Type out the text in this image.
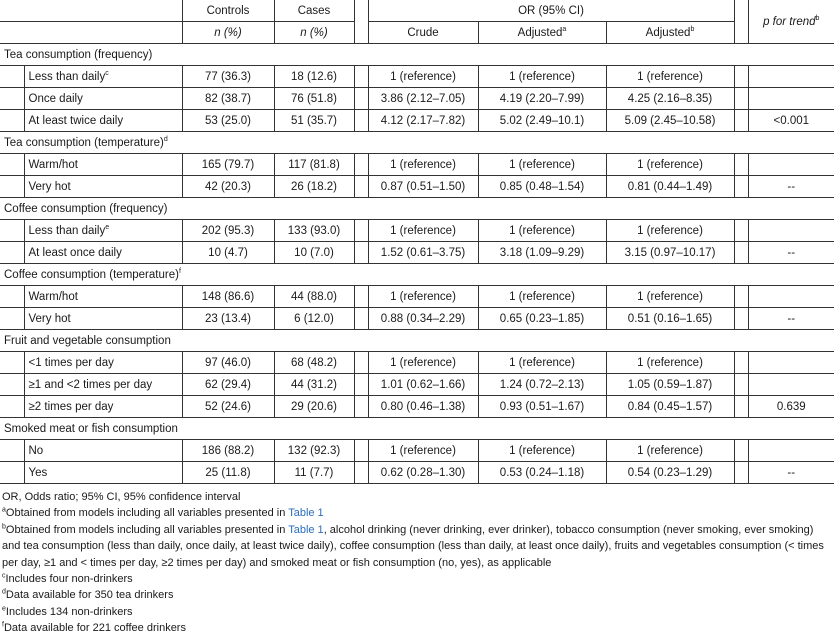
		Controls	Cases		OR (95% CI)				p for trend$^b$
		n (%)	n (%)		Crude	Adjusted$^a$	Adjusted$^b$
Tea consumption (frequency)									
	Less than daily$^c$	77 (36.3)	18 (12.6)		1 (reference)	1 (reference)	1 (reference)		
	Once daily	82 (38.7)	76 (51.8)		3.86 (2.12–7.05)	4.19 (2.20–7.99)	4.25 (2.16–8.35)		
	At least twice daily	53 (25.0)	51 (35.7)		4.12 (2.17–7.82)	5.02 (2.49–10.1)	5.09 (2.45–10.58)		<0.001
Tea consumption (temperature)$^d$
	Warm/hot	165 (79.7)	117 (81.8)		1 (reference)	1 (reference)	1 (reference)		
	Very hot	42 (20.3)	26 (18.2)		0.87 (0.51–1.50)	0.85 (0.48–1.54)	0.81 (0.44–1.49)		--
Coffee consumption (frequency)									
	Less than daily$^e$	202 (95.3)	133 (93.0)		1 (reference)	1 (reference)	1 (reference)		
	At least once daily	10 (4.7)	10 (7.0)		1.52 (0.61–3.75)	3.18 (1.09–9.29)	3.15 (0.97–10.17)		--
Coffee consumption (temperature)$^f$
	Warm/hot	148 (86.6)	44 (88.0)		1 (reference)	1 (reference)	1 (reference)		
	Very hot	23 (13.4)	6 (12.0)		0.88 (0.34–2.29)	0.65 (0.23–1.85)	0.51 (0.16–1.65)		--
Fruit and vegetable consumption									
	<1 times per day	97 (46.0)	68 (48.2)		1 (reference)	1 (reference)	1 (reference)		
	≥1 and <2 times per day	62 (29.4)	44 (31.2)		1.01 (0.62–1.66)	1.24 (0.72–2.13)	1.05 (0.59–1.87)		
	≥2 times per day	52 (24.6)	29 (20.6)		0.80 (0.46–1.38)	0.93 (0.51–1.67)	0.84 (0.45–1.57)		0.639
Smoked meat or fish consumption									
	No	186 (88.2)	132 (92.3)		1 (reference)	1 (reference)	1 (reference)		
	Yes	25 (11.8)	11 (7.7)		0.62 (0.28–1.30)	0.53 (0.24–1.18)	0.54 (0.23–1.29)		--

OR, Odds ratio; 95% CI, 95% confidence interval

$^a$Obtained from models including all variables presented in Table 1

$^b$Obtained from models including all variables presented in Table 1, alcohol drinking (never drinking, ever drinker), tobacco consumption (never smoking, ever smoking) and tea consumption (less than daily, once daily, at least twice daily), coffee consumption (less than daily, at least once daily), fruits and vegetables consumption (< times per day, ≥1 and < times per day, ≥2 times per day) and smoked meat or fish consumption (no, yes), as applicable

$^c$Includes four non-drinkers

$^d$Data available for 350 tea drinkers

$^e$Includes 134 non-drinkers

$^f$Data available for 221 coffee drinkers
